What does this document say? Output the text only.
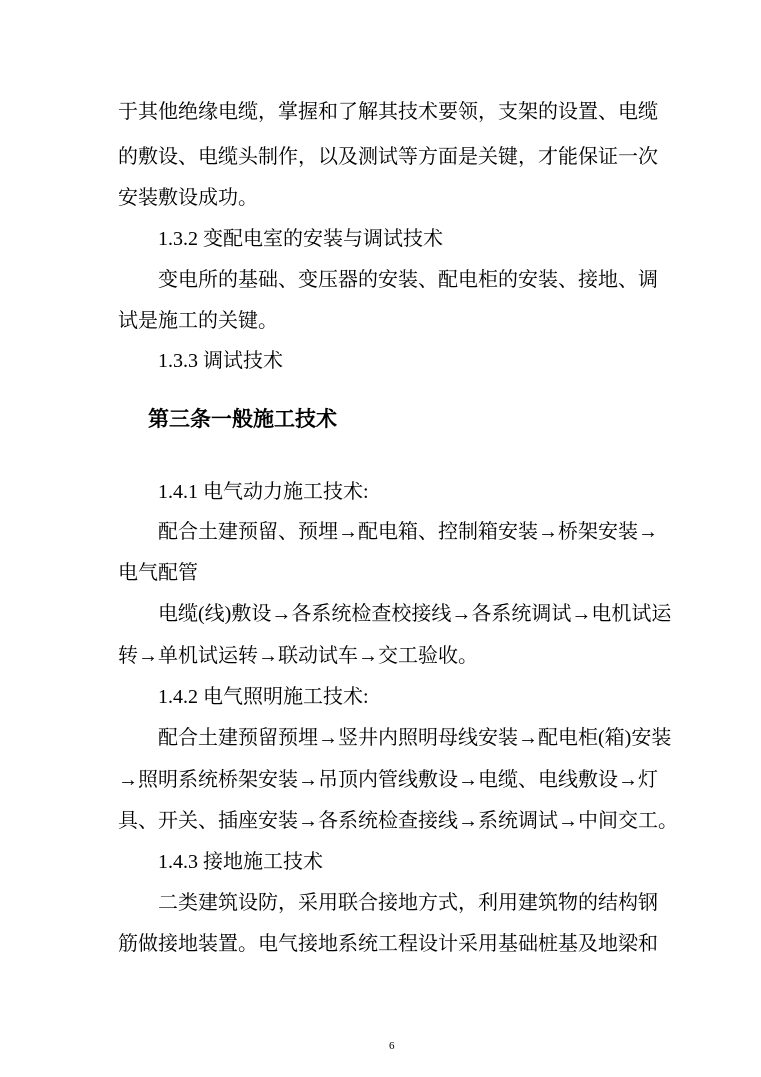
于其他绝缘电缆，掌握和了解其技术要领，支架的设置、电缆
的敷设、电缆头制作，以及测试等方面是关键，才能保证一次
安装敷设成功。
1.3.2 变配电室的安装与调试技术
变电所的基础、变压器的安装、配电柜的安装、接地、调
试是施工的关键。
1.3.3 调试技术
第三条一般施工技术
1.4.1 电气动力施工技术:
配合土建预留、预埋→配电箱、控制箱安装→桥架安装→
电气配管
电缆(线)敷设→各系统检查校接线→各系统调试→电机试运
转→单机试运转→联动试车→交工验收。
1.4.2 电气照明施工技术:
配合土建预留预埋→竖井内照明母线安装→配电柜(箱)安装
→照明系统桥架安装→吊顶内管线敷设→电缆、电线敷设→灯
具、开关、插座安装→各系统检查接线→系统调试→中间交工。
1.4.3 接地施工技术
二类建筑设防，采用联合接地方式，利用建筑物的结构钢
筋做接地装置。电气接地系统工程设计采用基础桩基及地梁和
6
